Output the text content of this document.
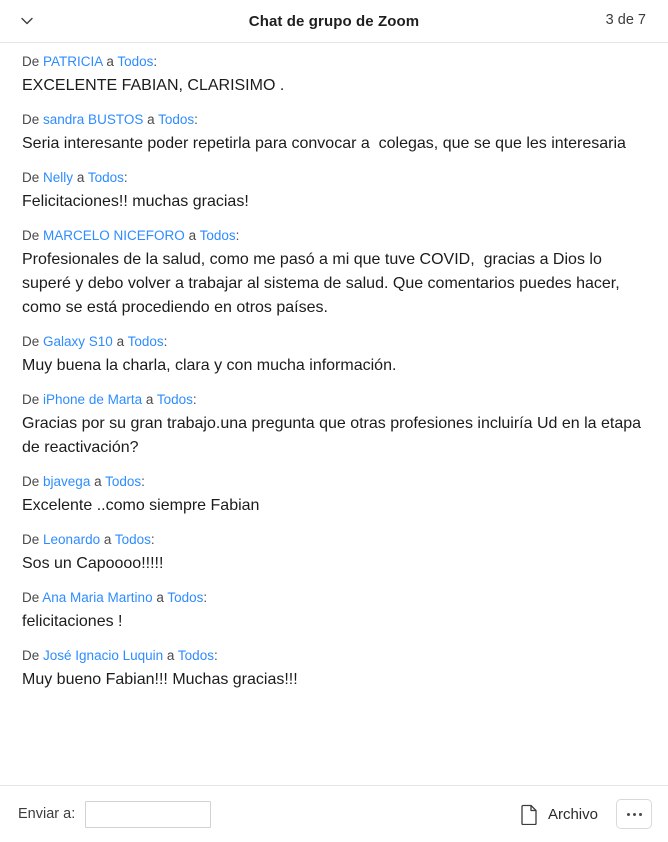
Chat de grupo de Zoom	3 de 7
De PATRICIA a Todos:
EXCELENTE FABIAN, CLARISIMO .
De sandra BUSTOS a Todos:
Seria interesante poder repetirla para convocar a  colegas, que se que les interesaria
De Nelly a Todos:
Felicitaciones!! muchas gracias!
De MARCELO NICEFORO a Todos:
Profesionales de la salud, como me pasó a mi que tuve COVID,  gracias a Dios lo superé y debo volver a trabajar al sistema de salud. Que comentarios puedes hacer, como se está procediendo en otros países.
De Galaxy S10 a Todos:
Muy buena la charla, clara y con mucha información.
De iPhone de Marta a Todos:
Gracias por su gran trabajo.una pregunta que otras profesiones incluiría Ud en la etapa de reactivación?
De bjavega a Todos:
Excelente ..como siempre Fabian
De Leonardo a Todos:
Sos un Capoooo!!!!!
De Ana Maria Martino a Todos:
felicitaciones !
De José Ignacio Luquin a Todos:
Muy bueno Fabian!!! Muchas gracias!!!
Enviar a:	Archivo
